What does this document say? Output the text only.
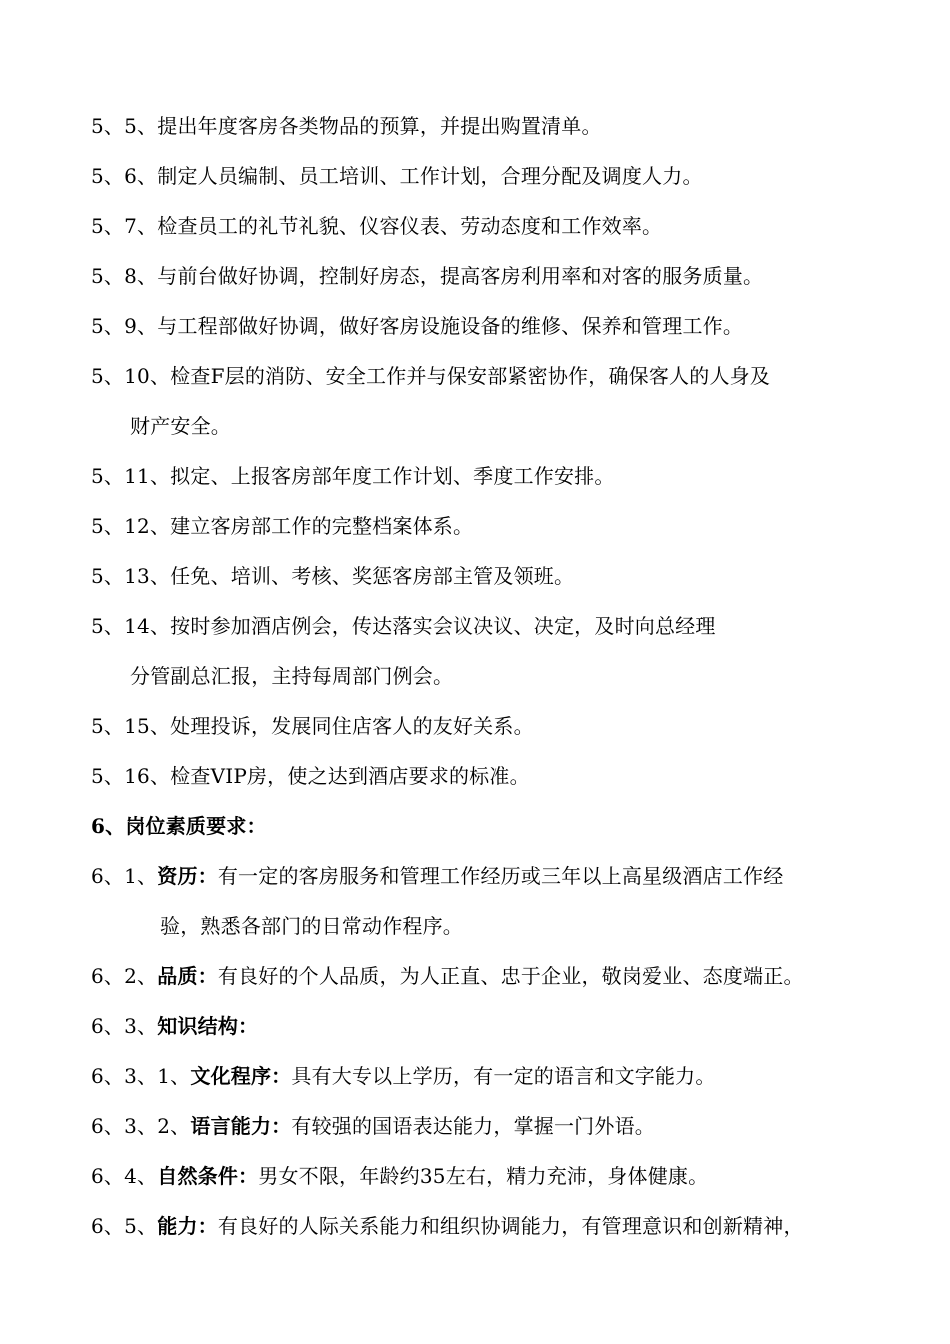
5、5、提出年度客房各类物品的预算，并提出购置清单。
5、6、制定人员编制、员工培训、工作计划，合理分配及调度人力。
5、7、检查员工的礼节礼貌、仪容仪表、劳动态度和工作效率。
5、8、与前台做好协调，控制好房态，提高客房利用率和对客的服务质量。
5、9、与工程部做好协调，做好客房设施设备的维修、保养和管理工作。
5、10、检查F层的消防、安全工作并与保安部紧密协作，确保客人的人身及
财产安全。
5、11、拟定、上报客房部年度工作计划、季度工作安排。
5、12、建立客房部工作的完整档案体系。
5、13、任免、培训、考核、奖惩客房部主管及领班。
5、14、按时参加酒店例会，传达落实会议决议、决定，及时向总经理
分管副总汇报，主持每周部门例会。
5、15、处理投诉，发展同住店客人的友好关系。
5、16、检查VIP房，使之达到酒店要求的标准。
6、岗位素质要求：
6、1、资历：有一定的客房服务和管理工作经历或三年以上高星级酒店工作经
验，熟悉各部门的日常动作程序。
6、2、品质：有良好的个人品质，为人正直、忠于企业，敬岗爱业、态度端正。
6、3、知识结构：
6、3、1、文化程序：具有大专以上学历，有一定的语言和文字能力。
6、3、2、语言能力：有较强的国语表达能力，掌握一门外语。
6、4、自然条件：男女不限，年龄约35左右，精力充沛，身体健康。
6、5、能力：有良好的人际关系能力和组织协调能力，有管理意识和创新精神，
